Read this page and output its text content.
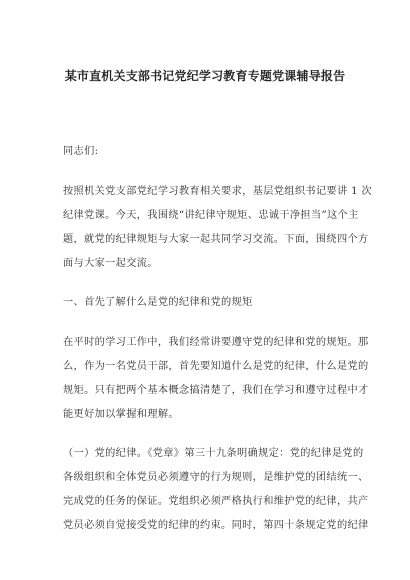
某市直机关支部书记党纪学习教育专题党课辅导报告
同志们:
按照机关党支部党纪学习教育相关要求，基层党组织书记要讲 1 次
纪律党课。今天，我围绕“讲纪律守规矩、忠诚干净担当”这个主
题，就党的纪律规矩与大家一起共同学习交流。下面，围绕四个方
面与大家一起交流。
一、首先了解什么是党的纪律和党的规矩
在平时的学习工作中，我们经常讲要遵守党的纪律和党的规矩。那
么，作为一名党员干部，首先要知道什么是党的纪律，什么是党的
规矩。只有把两个基本概念搞清楚了，我们在学习和遵守过程中才
能更好加以掌握和理解。
（一）党的纪律。《党章》第三十九条明确规定：党的纪律是党的
各级组织和全体党员必须遵守的行为规则，是维护党的团结统一、
完成党的任务的保证。党组织必须严格执行和维护党的纪律，共产
党员必须自觉接受党的纪律的约束。同时，第四十条规定党的纪律
